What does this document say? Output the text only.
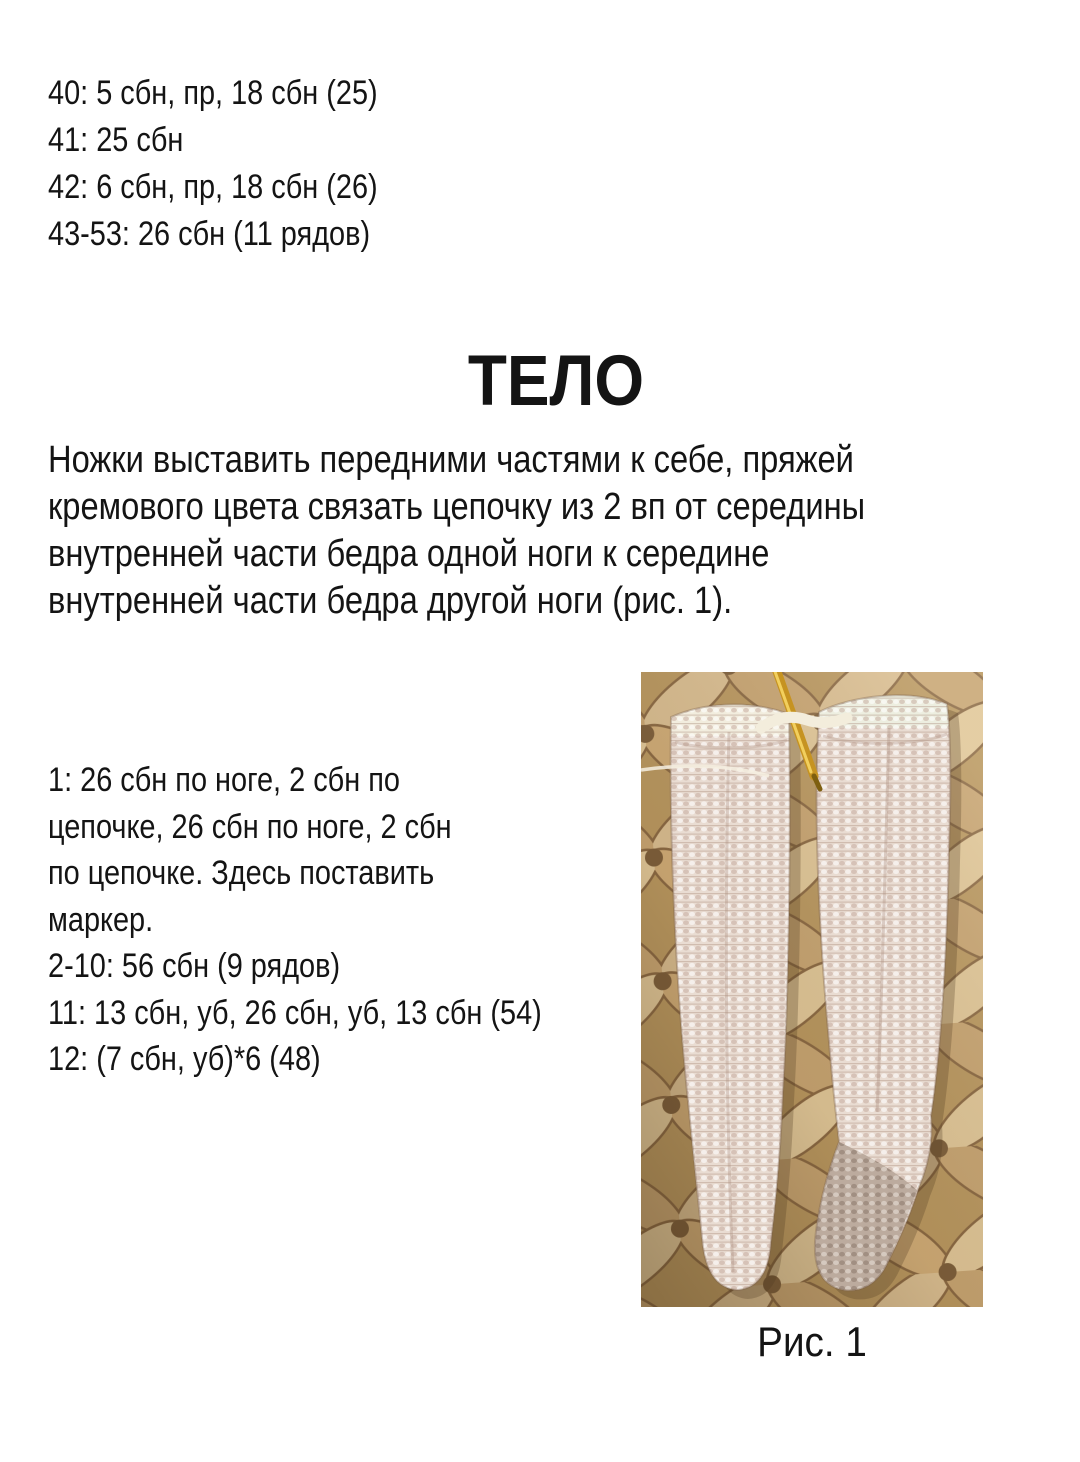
40: 5 сбн, пр, 18 сбн (25)
41: 25 сбн
42: 6 сбн, пр, 18 сбн (26)
43-53: 26 сбн (11 рядов)
ТЕЛО
Ножки выставить передними частями к себе, пряжей
кремового цвета связать цепочку из 2 вп от середины
внутренней части бедра одной ноги к середине
внутренней части бедра другой ноги (рис. 1).
1: 26 сбн по ноге, 2 сбн по
цепочке, 26 сбн по ноге, 2 сбн
по цепочке. Здесь поставить
маркер.
2-10: 56 сбн (9 рядов)
11: 13 сбн, уб, 26 сбн, уб, 13 сбн (54)
12: (7 сбн, уб)*6 (48)
Рис. 1
